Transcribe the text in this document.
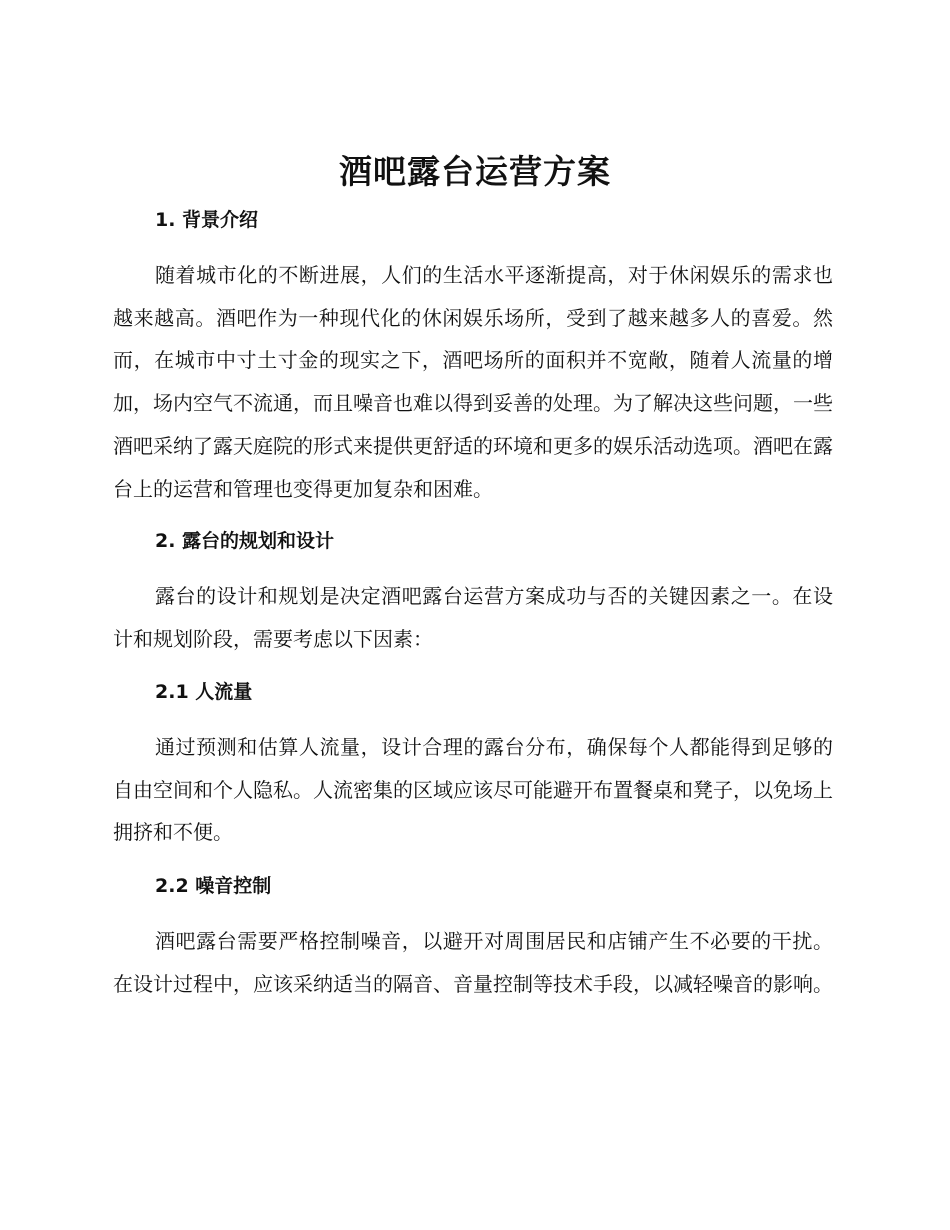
酒吧露台运营方案
1. 背景介绍

随着城市化的不断进展，人们的生活水平逐渐提高，对于休闲娱乐的需求也越来越高。酒吧作为一种现代化的休闲娱乐场所，受到了越来越多人的喜爱。然而，在城市中寸土寸金的现实之下，酒吧场所的面积并不宽敞，随着人流量的增加，场内空气不流通，而且噪音也难以得到妥善的处理。为了解决这些问题，一些酒吧采纳了露天庭院的形式来提供更舒适的环境和更多的娱乐活动选项。酒吧在露台上的运营和管理也变得更加复杂和困难。

2. 露台的规划和设计

露台的设计和规划是决定酒吧露台运营方案成功与否的关键因素之一。在设计和规划阶段，需要考虑以下因素：

2.1 人流量

通过预测和估算人流量，设计合理的露台分布，确保每个人都能得到足够的自由空间和个人隐私。人流密集的区域应该尽可能避开布置餐桌和凳子，以免场上拥挤和不便。

2.2 噪音控制

酒吧露台需要严格控制噪音，以避开对周围居民和店铺产生不必要的干扰。在设计过程中，应该采纳适当的隔音、音量控制等技术手段，以减轻噪音的影响。
